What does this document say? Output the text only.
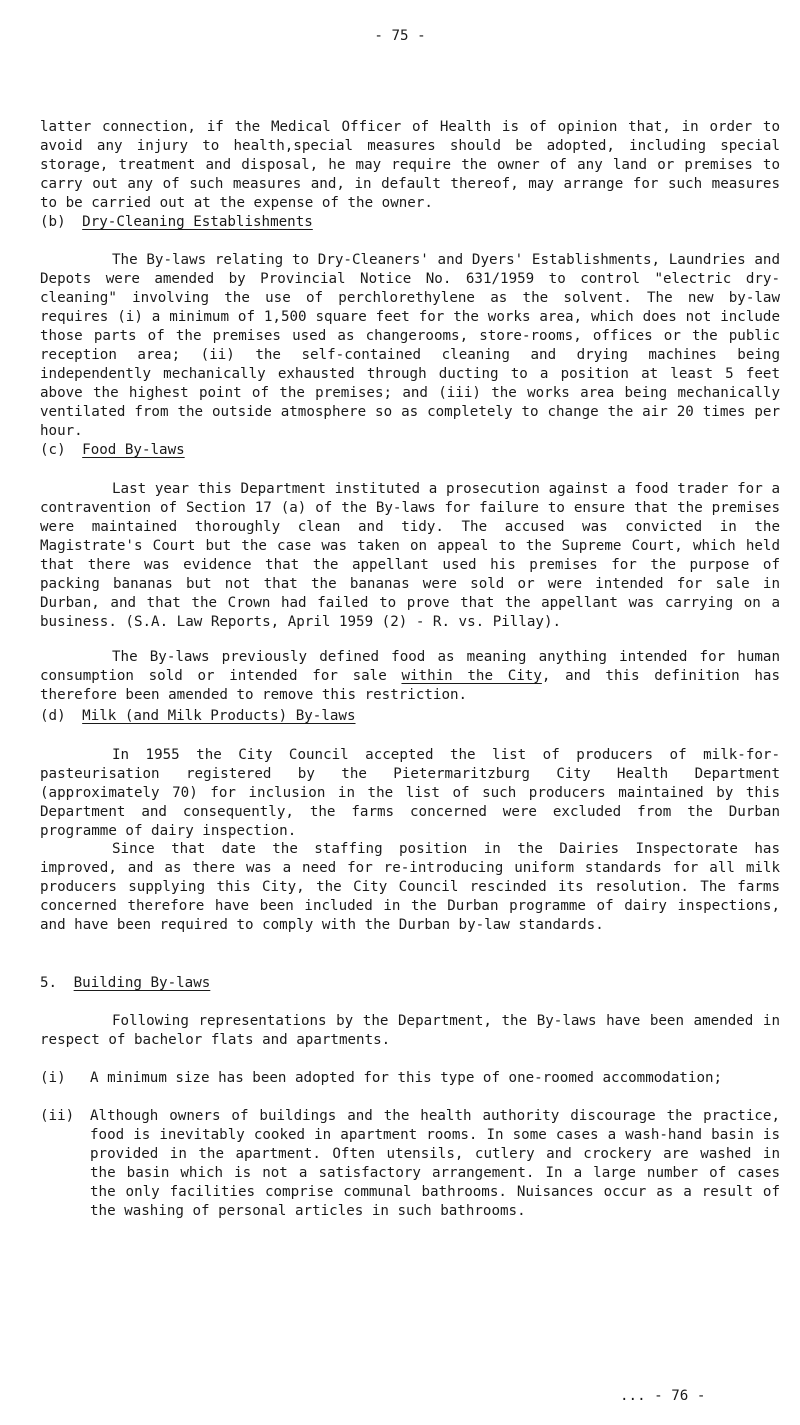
- 75 -

latter connection, if the Medical Officer of Health is of opinion that, in order to avoid any injury to health,special measures should be adopted, including special storage, treatment and disposal, he may require the owner of any land or premises to carry out any of such measures and, in default thereof, may arrange for such measures to be carried out at the expense of the owner.

(b) Dry-Cleaning Establishments

The By-laws relating to Dry-Cleaners' and Dyers' Establishments, Laundries and Depots were amended by Provincial Notice No. 631/1959 to control "electric dry-cleaning" involving the use of perchlorethylene as the solvent. The new by-law requires (i) a minimum of 1,500 square feet for the works area, which does not include those parts of the premises used as changerooms, store-rooms, offices or the public reception area; (ii) the self-contained cleaning and drying machines being independently mechanically exhausted through ducting to a position at least 5 feet above the highest point of the premises; and (iii) the works area being mechanically ventilated from the outside atmosphere so as completely to change the air 20 times per hour.

(c) Food By-laws

Last year this Department instituted a prosecution against a food trader for a contravention of Section 17 (a) of the By-laws for failure to ensure that the premises were maintained thoroughly clean and tidy. The accused was convicted in the Magistrate's Court but the case was taken on appeal to the Supreme Court, which held that there was evidence that the appellant used his premises for the purpose of packing bananas but not that the bananas were sold or were intended for sale in Durban, and that the Crown had failed to prove that the appellant was carrying on a business. (S.A. Law Reports, April 1959 (2) - R. vs. Pillay).

The By-laws previously defined food as meaning anything intended for human consumption sold or intended for sale within the City, and this definition has therefore been amended to remove this restriction.

(d) Milk (and Milk Products) By-laws

In 1955 the City Council accepted the list of producers of milk-for-pasteurisation registered by the Pietermaritzburg City Health Department (approximately 70) for inclusion in the list of such producers maintained by this Department and consequently, the farms concerned were excluded from the Durban programme of dairy inspection.

Since that date the staffing position in the Dairies Inspectorate has improved, and as there was a need for re-introducing uniform standards for all milk producers supplying this City, the City Council rescinded its resolution. The farms concerned therefore have been included in the Durban programme of dairy inspections, and have been required to comply with the Durban by-law standards.

5. Building By-laws

Following representations by the Department, the By-laws have been amended in respect of bachelor flats and apartments.

(i) A minimum size has been adopted for this type of one-roomed accommodation;

(ii) Although owners of buildings and the health authority discourage the practice, food is inevitably cooked in apartment rooms. In some cases a wash-hand basin is provided in the apartment. Often utensils, cutlery and crockery are washed in the basin which is not a satisfactory arrangement. In a large number of cases the only facilities comprise communal bathrooms. Nuisances occur as a result of the washing of personal articles in such bathrooms.

... - 76 -
